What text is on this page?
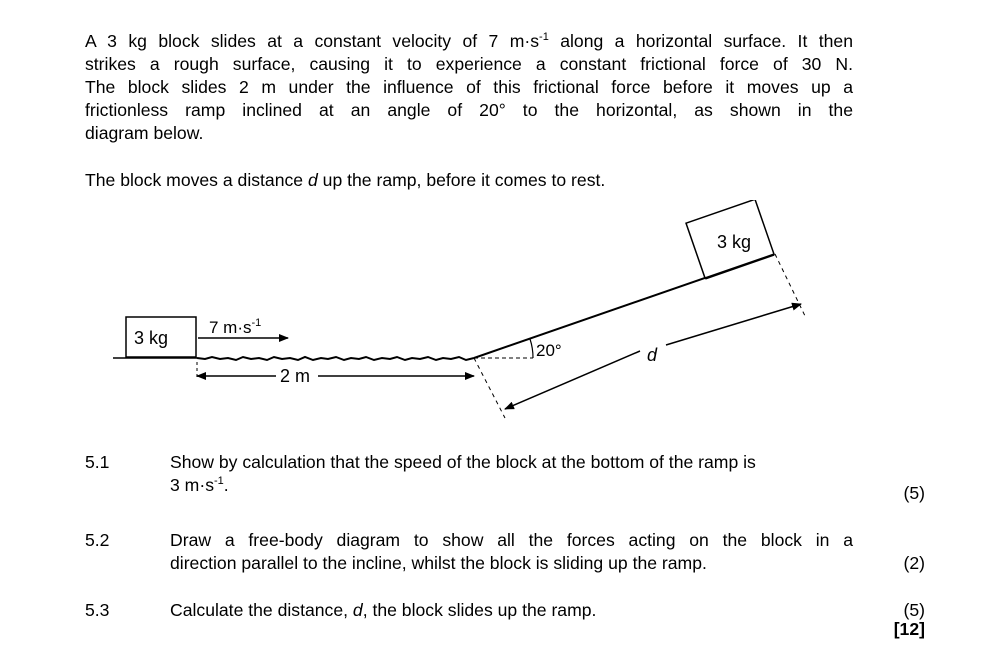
A 3 kg block slides at a constant velocity of 7 $m\cdot s^{-1}$ along a horizontal surface. It then
strikes a rough surface, causing it to experience a constant frictional force of 30 N.
The block slides 2 m under the influence of this frictional force before it moves up a
frictionless ramp inclined at an angle of 20° to the horizontal, as shown in the
diagram below.
The block moves a distance d up the ramp, before it comes to rest.
3 kg
3 kg
7 $m\cdot s^{-1}$
2 m
20°	d
5.1	Show by calculation that the speed of the block at the bottom of the ramp is
3 $m\cdot s^{-1}$.	(5)
5.2	Draw a free-body diagram to show all the forces acting on the block in a
direction parallel to the incline, whilst the block is sliding up the ramp.	(2)
5.3	Calculate the distance, d, the block slides up the ramp.	(5)
[12]
